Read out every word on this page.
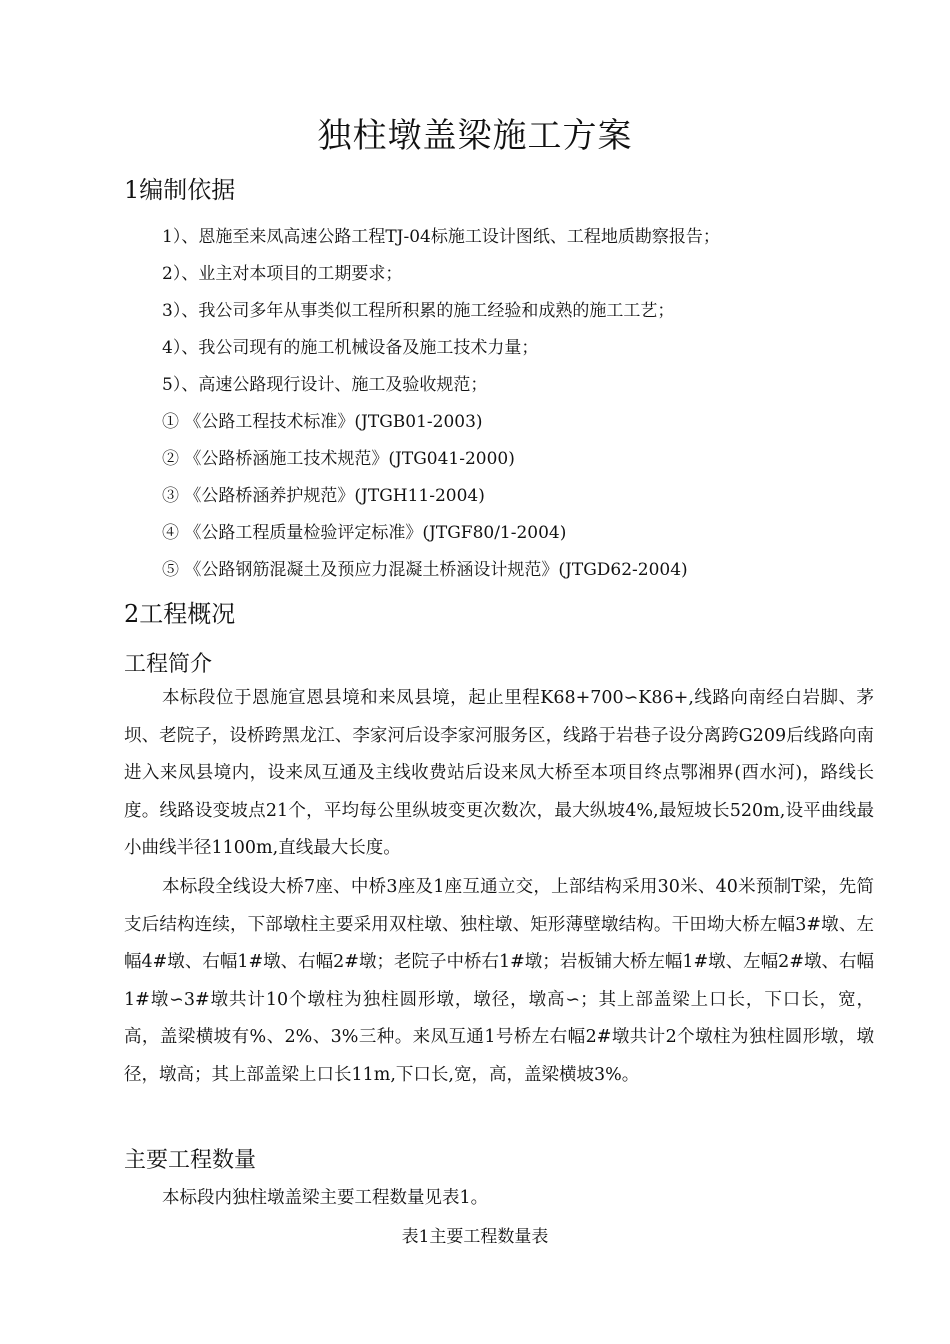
独柱墩盖梁施工方案
1编制依据
1）、恩施至来凤高速公路工程TJ-04标施工设计图纸、工程地质勘察报告；
2）、业主对本项目的工期要求；
3）、我公司多年从事类似工程所积累的施工经验和成熟的施工工艺；
4）、我公司现有的施工机械设备及施工技术力量；
5）、高速公路现行设计、施工及验收规范；
① 《公路工程技术标准》(JTGB01-2003)
② 《公路桥涵施工技术规范》(JTG041-2000)
③ 《公路桥涵养护规范》(JTGH11-2004)
④ 《公路工程质量检验评定标准》(JTGF80/1-2004)
⑤ 《公路钢筋混凝土及预应力混凝土桥涵设计规范》(JTGD62-2004)
2工程概况
工程简介

本标段位于恩施宣恩县境和来凤县境，起止里程K68+700∽K86+,线路向南经白岩脚、茅坝、老院子，设桥跨黑龙江、李家河后设李家河服务区，线路于岩巷子设分离跨G209后线路向南进入来凤县境内，设来凤互通及主线收费站后设来凤大桥至本项目终点鄂湘界(酉水河)，路线长度。线路设变坡点21个，平均每公里纵坡变更次数次，最大纵坡4%,最短坡长520m,设平曲线最小曲线半径1100m,直线最大长度。

本标段全线设大桥7座、中桥3座及1座互通立交，上部结构采用30米、40米预制T梁，先简支后结构连续，下部墩柱主要采用双柱墩、独柱墩、矩形薄壁墩结构。干田坳大桥左幅3#墩、左幅4#墩、右幅1#墩、右幅2#墩；老院子中桥右1#墩；岩板铺大桥左幅1#墩、左幅2#墩、右幅1#墩∽3#墩共计10个墩柱为独柱圆形墩，墩径，墩高∽；其上部盖梁上口长，下口长，宽，高，盖梁横坡有%、2%、3%三种。来凤互通1号桥左右幅2#墩共计2个墩柱为独柱圆形墩，墩径，墩高；其上部盖梁上口长11m,下口长,宽，高，盖梁横坡3%。

主要工程数量

本标段内独柱墩盖梁主要工程数量见表1。

表1主要工程数量表
